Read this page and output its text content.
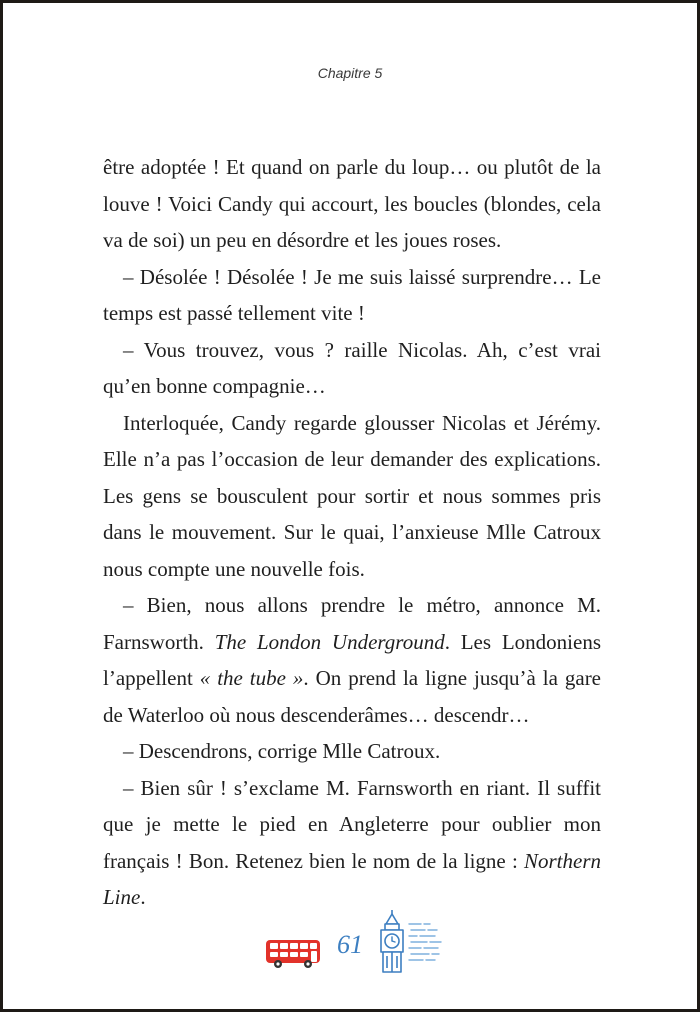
Chapitre 5

être adoptée ! Et quand on parle du loup… ou plutôt de la louve ! Voici Candy qui accourt, les boucles (blondes, cela va de soi) un peu en désordre et les joues roses.

– Désolée ! Désolée ! Je me suis laissé surprendre… Le temps est passé tellement vite !

– Vous trouvez, vous ? raille Nicolas. Ah, c’est vrai qu’en bonne compagnie…

Interloquée, Candy regarde glousser Nicolas et Jérémy. Elle n’a pas l’occasion de leur demander des explications. Les gens se bousculent pour sortir et nous sommes pris dans le mouvement. Sur le quai, l’anxieuse Mlle Catroux nous compte une nouvelle fois.

– Bien, nous allons prendre le métro, annonce M. Farnsworth. The London Underground. Les Londoniens l’appellent « the tube ». On prend la ligne jusqu’à la gare de Waterloo où nous descenderâmes… descendr…

– Descendrons, corrige Mlle Catroux.

– Bien sûr ! s’exclame M. Farnsworth en riant. Il suffit que je mette le pied en Angleterre pour oublier mon français ! Bon. Retenez bien le nom de la ligne : Northern Line.

61
